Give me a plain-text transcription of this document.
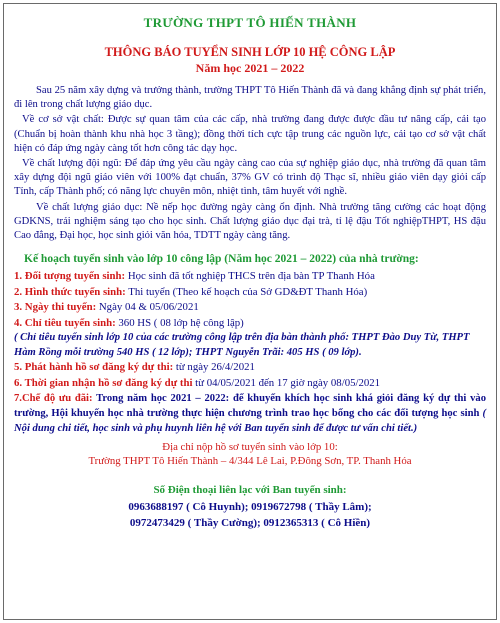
TRƯỜNG THPT TÔ HIẾN THÀNH
THÔNG BÁO TUYỂN SINH LỚP 10 HỆ CÔNG LẬP
Năm học 2021 – 2022

Sau 25 năm xây dựng và trưởng thành, trường THPT Tô Hiến Thành đã và đang khẳng định sự phát triển, đi lên trong chất lượng giáo dục.

Về cơ sở vật chất: Được sự quan tâm của các cấp, nhà trường đang được được đầu tư nâng cấp, cải tạo (Chuẩn bị hoàn thành khu nhà học 3 tầng); đồng thời tích cực tập trung các nguồn lực, cải tạo cơ sở vật chất hiện có đáp ứng ngày càng tốt hơn công tác dạy học.

Về chất lượng đội ngũ: Để đáp ứng yêu cầu ngày càng cao của sự nghiệp giáo dục, nhà trường đã quan tâm xây dựng đội ngũ giáo viên với 100% đạt chuẩn, 37% GV có trình độ Thạc sĩ, nhiều giáo viên dạy giỏi cấp Tỉnh, cấp Thành phố; có năng lực chuyên môn, nhiệt tình, tâm huyết với nghề.

Về chất lượng giáo dục: Nề nếp học đường ngày càng ổn định. Nhà trường tăng cường các hoạt động GDKNS, trải nghiệm sáng tạo cho học sinh. Chất lượng giáo dục đại trà, tỉ lệ đậu Tốt nghiệpTHPT, HS đậu Cao đẳng, Đại học, học sinh giỏi văn hóa, TDTT ngày càng tăng.

Kế hoạch tuyển sinh vào lớp 10 công lập (Năm học 2021 – 2022) của nhà trường:

1. Đối tượng tuyển sinh: Học sinh đã tốt nghiệp THCS trên địa bàn TP Thanh Hóa

2. Hình thức tuyển sinh: Thi tuyển (Theo kế hoạch của Sở GD&ĐT Thanh Hóa)

3. Ngày thi tuyển: Ngày 04 & 05/06/2021

4. Chỉ tiêu tuyển sinh: 360 HS ( 08 lớp hệ công lập)

( Chỉ tiêu tuyển sinh lớp 10 của các trường công lập trên địa bàn thành phố: THPT Đào Duy Từ, THPT Hàm Rồng mỗi trường 540 HS ( 12 lớp); THPT Nguyễn Trãi: 405 HS ( 09 lớp).

5. Phát hành hồ sơ đăng ký dự thi: từ ngày 26/4/2021

6. Thời gian nhận hồ sơ đăng ký dự thi từ 04/05/2021 đến 17 giờ ngày 08/05/2021

7.Chế độ ưu đãi: Trong năm học 2021 – 2022: để khuyến khích học sinh khá giỏi đăng ký dự thi vào trường, Hội khuyến học nhà trường thực hiện chương trình trao học bổng cho các đối tượng học sinh ( Nội dung chi tiết, học sinh và phụ huynh liên hệ với Ban tuyển sinh để được tư vấn chi tiết.)

Địa chỉ nộp hồ sơ tuyển sinh vào lớp 10:

Trường THPT Tô Hiến Thành – 4/344 Lê Lai, P.Đông Sơn, TP. Thanh Hóa

Số Điện thoại liên lạc với Ban tuyển sinh:

0963688197 ( Cô Huynh); 0919672798 ( Thầy Lâm);

0972473429 ( Thầy Cường); 0912365313 ( Cô Hiền)
